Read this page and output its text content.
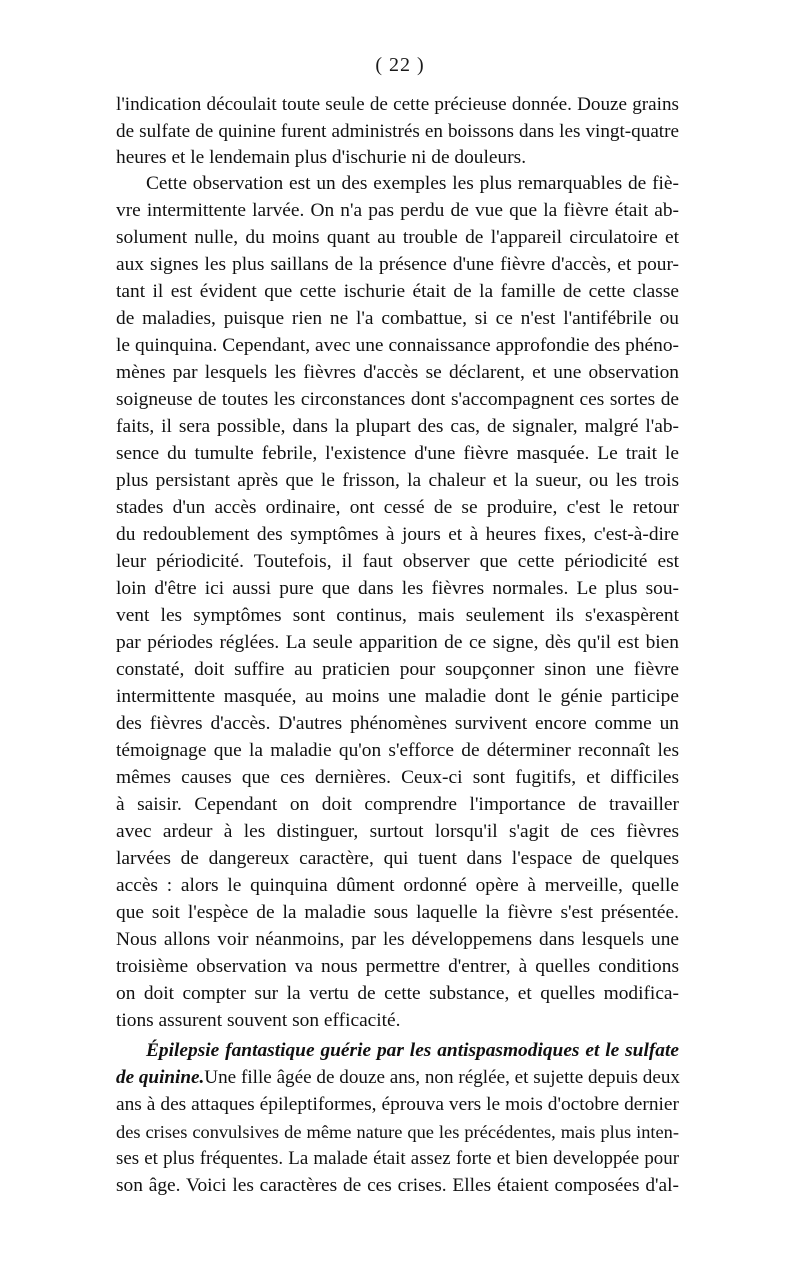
( 22 )
l'indication découlait toute seule de cette précieuse donnée. Douze grains
de sulfate de quinine furent administrés en boissons dans les vingt-quatre
heures et le lendemain plus d'ischurie ni de douleurs.
Cette observation est un des exemples les plus remarquables de fiè-
vre intermittente larvée. On n'a pas perdu de vue que la fièvre était ab-
solument nulle, du moins quant au trouble de l'appareil circulatoire et
aux signes les plus saillans de la présence d'une fièvre d'accès, et pour-
tant il est évident que cette ischurie était de la famille de cette classe
de maladies, puisque rien ne l'a combattue, si ce n'est l'antifébrile ou
le quinquina. Cependant, avec une connaissance approfondie des phéno-
mènes par lesquels les fièvres d'accès se déclarent, et une observation
soigneuse de toutes les circonstances dont s'accompagnent ces sortes de
faits, il sera possible, dans la plupart des cas, de signaler, malgré l'ab-
sence du tumulte febrile, l'existence d'une fièvre masquée. Le trait le
plus persistant après que le frisson, la chaleur et la sueur, ou les trois
stades d'un accès ordinaire, ont cessé de se produire, c'est le retour
du redoublement des symptômes à jours et à heures fixes, c'est-à-dire
leur périodicité. Toutefois, il faut observer que cette périodicité est
loin d'être ici aussi pure que dans les fièvres normales. Le plus sou-
vent les symptômes sont continus, mais seulement ils s'exaspèrent
par périodes réglées. La seule apparition de ce signe, dès qu'il est bien
constaté, doit suffire au praticien pour soupçonner sinon une fièvre
intermittente masquée, au moins une maladie dont le génie participe
des fièvres d'accès. D'autres phénomènes survivent encore comme un
témoignage que la maladie qu'on s'efforce de déterminer reconnaît les
mêmes causes que ces dernières. Ceux-ci sont fugitifs, et difficiles
à saisir. Cependant on doit comprendre l'importance de travailler
avec ardeur à les distinguer, surtout lorsqu'il s'agit de ces fièvres
larvées de dangereux caractère, qui tuent dans l'espace de quelques
accès : alors le quinquina dûment ordonné opère à merveille, quelle
que soit l'espèce de la maladie sous laquelle la fièvre s'est présentée.
Nous allons voir néanmoins, par les développemens dans lesquels une
troisième observation va nous permettre d'entrer, à quelles conditions
on doit compter sur la vertu de cette substance, et quelles modifica-
tions assurent souvent son efficacité.
Épilepsie fantastique guérie par les antispasmodiques et le sulfate
de quinine.Une fille âgée de douze ans, non réglée, et sujette depuis deux
ans à des attaques épileptiformes, éprouva vers le mois d'octobre dernier
des crises convulsives de même nature que les précédentes, mais plus inten-
ses et plus fréquentes. La malade était assez forte et bien developpée pour
son âge. Voici les caractères de ces crises. Elles étaient composées d'al-
